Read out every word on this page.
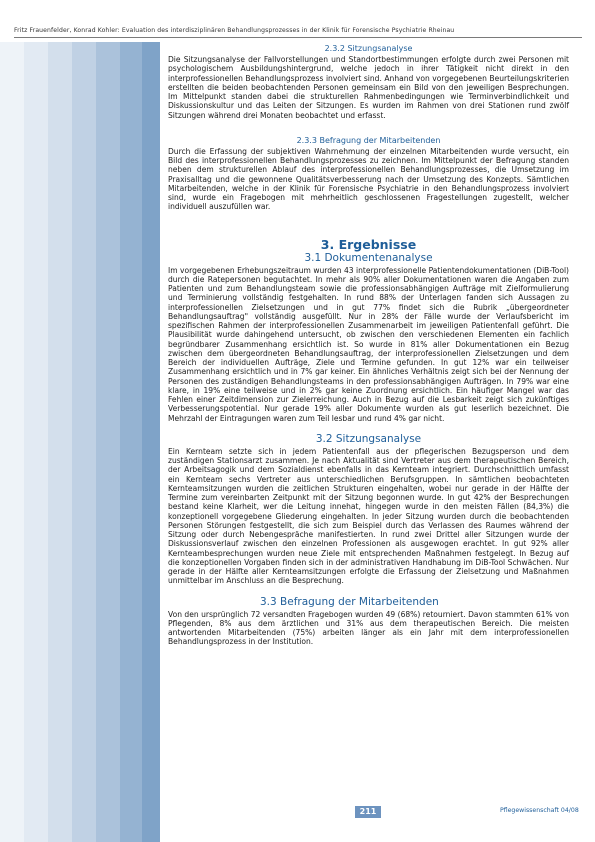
Fritz Frauenfelder, Konrad Kohler: Evaluation des interdisziplinären Behandlungsprozesses in der Klinik für Forensische Psychiatrie Rheinau
2.3.2 Sitzungsanalyse

Die Sitzungsanalyse der Fallvorstellungen und Standortbestimmungen erfolgte durch zwei Personen mit psychologischem Ausbildungshintergrund, welche jedoch in ihrer Tätigkeit nicht direkt in den interprofessionellen Behandlungsprozess involviert sind. Anhand von vorgegebenen Beurteilungskriterien erstellten die beiden beobachtenden Personen gemeinsam ein Bild von den jeweiligen Besprechungen. Im Mittelpunkt standen dabei die strukturellen Rahmenbedingungen wie Terminverbindlichkeit und Diskussionskultur und das Leiten der Sitzungen. Es wurden im Rahmen von drei Stationen rund zwölf Sitzungen während drei Monaten beobachtet und erfasst.

2.3.3 Befragung der Mitarbeitenden

Durch die Erfassung der subjektiven Wahrnehmung der einzelnen Mitarbeitenden wurde versucht, ein Bild des interprofessionellen Behandlungsprozesses zu zeichnen. Im Mittelpunkt der Befragung standen neben dem strukturellen Ablauf des interprofessionellen Behandlungsprozesses, die Umsetzung im Praxisalltag und die gewonnene Qualitätsverbesserung nach der Umsetzung des Konzepts. Sämtlichen Mitarbeitenden, welche in der Klinik für Forensische Psychiatrie in den Behandlungsprozess involviert sind, wurde ein Fragebogen mit mehrheitlich geschlossenen Fragestellungen zugestellt, welcher individuell auszufüllen war.

3. Ergebnisse
3.1 Dokumentenanalyse

Im vorgegebenen Erhebungszeitraum wurden 43 interprofessionelle Patientendokumentationen (DiB-Tool) durch die Ratepersonen begutachtet. In mehr als 90% aller Dokumentationen waren die Angaben zum Patienten und zum Behandlungsteam sowie die professionsabhängigen Aufträge mit Zielformulierung und Terminierung vollständig festgehalten. In rund 88% der Unterlagen fanden sich Aussagen zu interprofessionellen Zielsetzungen und in gut 77% findet sich die Rubrik „übergeordneter Behandlungsauftrag" vollständig ausgefüllt. Nur in 28% der Fälle wurde der Verlaufsbericht im spezifischen Rahmen der interprofessionellen Zusammenarbeit im jeweiligen Patientenfall geführt. Die Plausibilität wurde dahingehend untersucht, ob zwischen den verschiedenen Elementen ein fachlich begründbarer Zusammenhang ersichtlich ist. So wurde in 81% aller Dokumentationen ein Bezug zwischen dem übergeordneten Behandlungsauftrag, der interprofessionellen Zielsetzungen und dem Bereich der individuellen Aufträge, Ziele und Termine gefunden. In gut 12% war ein teilweiser Zusammenhang ersichtlich und in 7% gar keiner. Ein ähnliches Verhältnis zeigt sich bei der Nennung der Personen des zuständigen Behandlungsteams in den professionsabhängigen Aufträgen. In 79% war eine klare, in 19% eine teilweise und in 2% gar keine Zuordnung ersichtlich. Ein häufiger Mangel war das Fehlen einer Zeitdimension zur Zielerreichung. Auch in Bezug auf die Lesbarkeit zeigt sich zukünftiges Verbesserungspotential. Nur gerade 19% aller Dokumente wurden als gut leserlich bezeichnet. Die Mehrzahl der Eintragungen waren zum Teil lesbar und rund 4% gar nicht.

3.2 Sitzungsanalyse

Ein Kernteam setzte sich in jedem Patientenfall aus der pflegerischen Bezugsperson und dem zuständigen Stationsarzt zusammen. Je nach Aktualität sind Vertreter aus dem therapeutischen Bereich, der Arbeitsagogik und dem Sozialdienst ebenfalls in das Kernteam integriert. Durchschnittlich umfasst ein Kernteam sechs Vertreter aus unterschiedlichen Berufsgruppen. In sämtlichen beobachteten Kernteamsitzungen wurden die zeitlichen Strukturen eingehalten, wobei nur gerade in der Hälfte der Termine zum vereinbarten Zeitpunkt mit der Sitzung begonnen wurde. In gut 42% der Besprechungen bestand keine Klarheit, wer die Leitung innehat, hingegen wurde in den meisten Fällen (84,3%) die konzeptionell vorgegebene Gliederung eingehalten. In jeder Sitzung wurden durch die beobachtenden Personen Störungen festgestellt, die sich zum Beispiel durch das Verlassen des Raumes während der Sitzung oder durch Nebengespräche manifestierten. In rund zwei Drittel aller Sitzungen wurde der Diskussionsverlauf zwischen den einzelnen Professionen als ausgewogen erachtet. In gut 92% aller Kernteambesprechungen wurden neue Ziele mit entsprechenden Maßnahmen festgelegt. In Bezug auf die konzeptionellen Vorgaben finden sich in der administrativen Handhabung im DiB-Tool Schwächen. Nur gerade in der Hälfte aller Kernteamsitzungen erfolgte die Erfassung der Zielsetzung und Maßnahmen unmittelbar im Anschluss an die Besprechung.

3.3 Befragung der Mitarbeitenden

Von den ursprünglich 72 versandten Fragebogen wurden 49 (68%) retourniert. Davon stammten 61% von Pflegenden, 8% aus dem ärztlichen und 31% aus dem therapeutischen Bereich. Die meisten antwortenden Mitarbeitenden (75%) arbeiten länger als ein Jahr mit dem interprofessionellen Behandlungsprozess in der Institution.

211	Pflegewissenschaft 04/08
